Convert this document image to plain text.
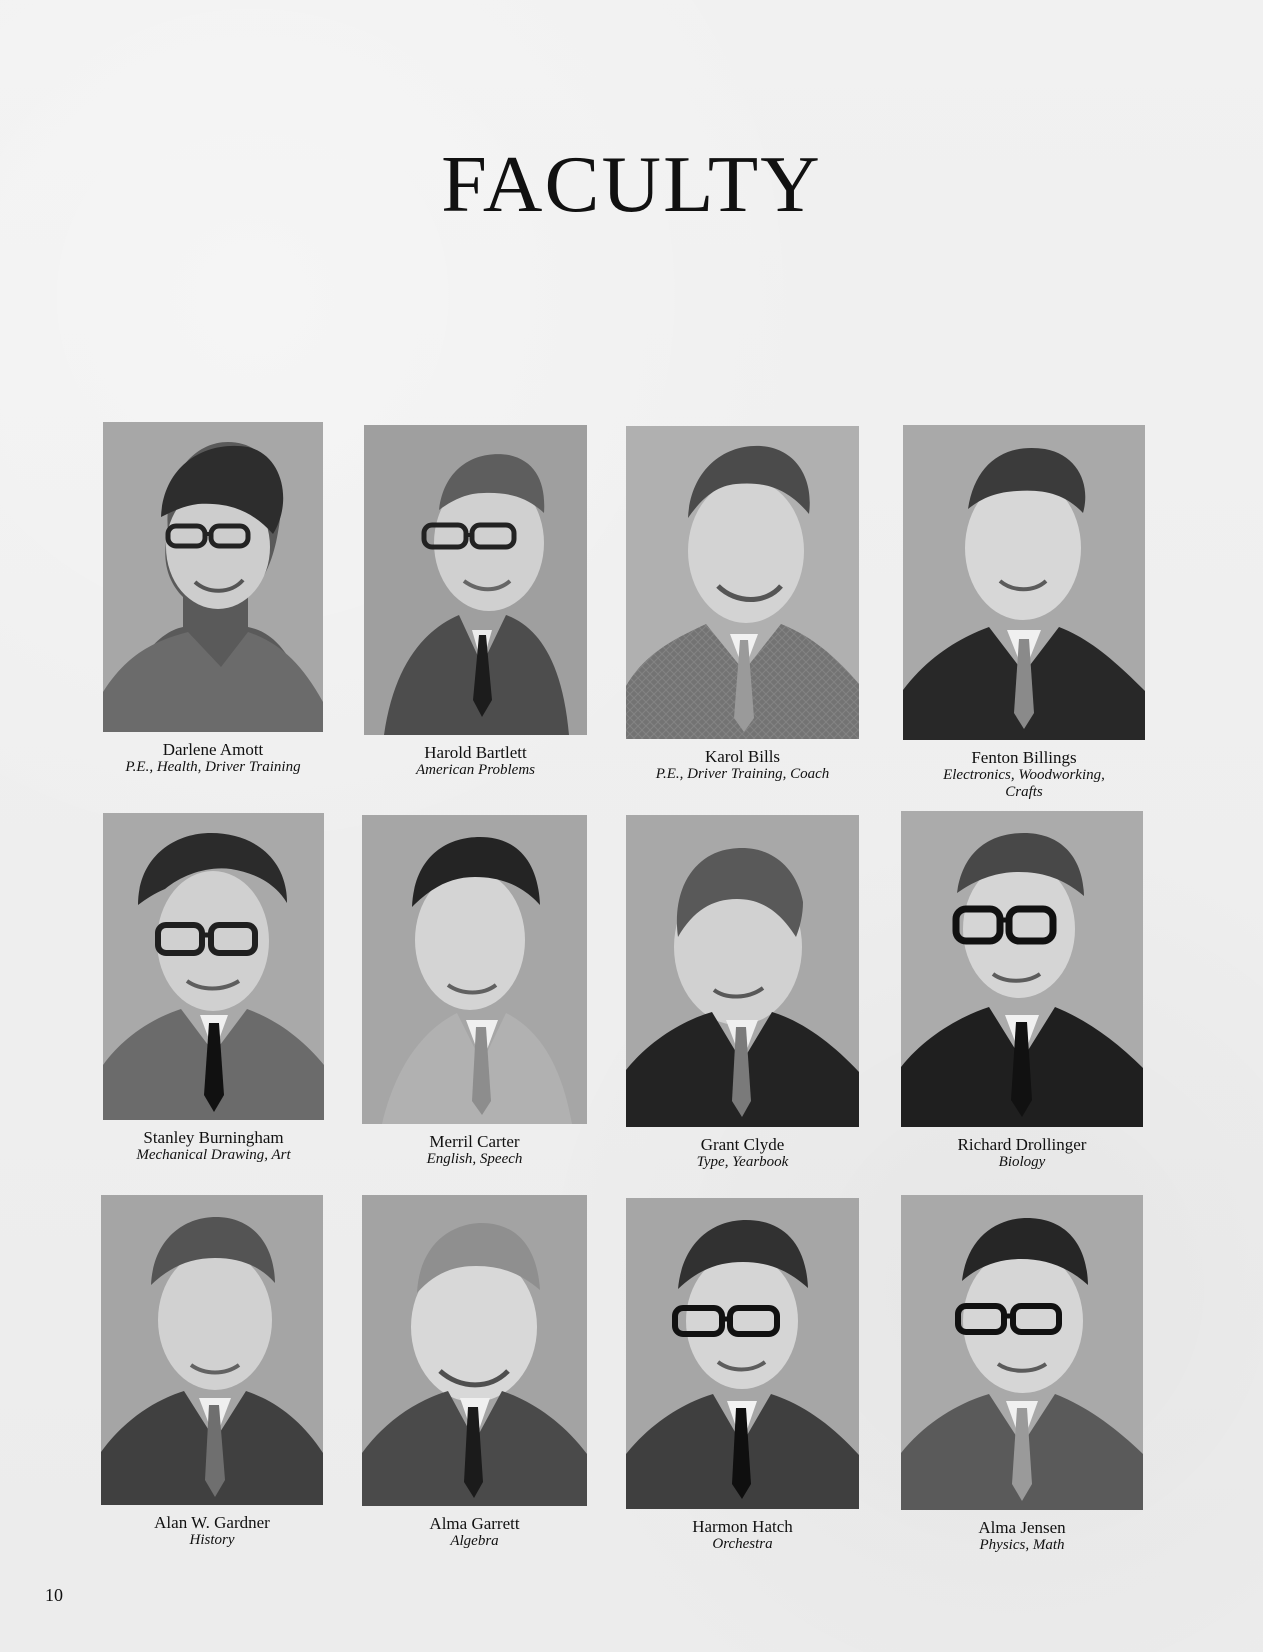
FACULTY
Darlene Amott
P.E., Health, Driver Training
Harold Bartlett
American Problems
Karol Bills
P.E., Driver Training, Coach
Fenton Billings
Electronics, Woodworking,
Crafts
Stanley Burningham
Mechanical Drawing, Art
Merril Carter
English, Speech
Grant Clyde
Type, Yearbook
Richard Drollinger
Biology
Alan W. Gardner
History
Alma Garrett
Algebra
Harmon Hatch
Orchestra
Alma Jensen
Physics, Math
10
